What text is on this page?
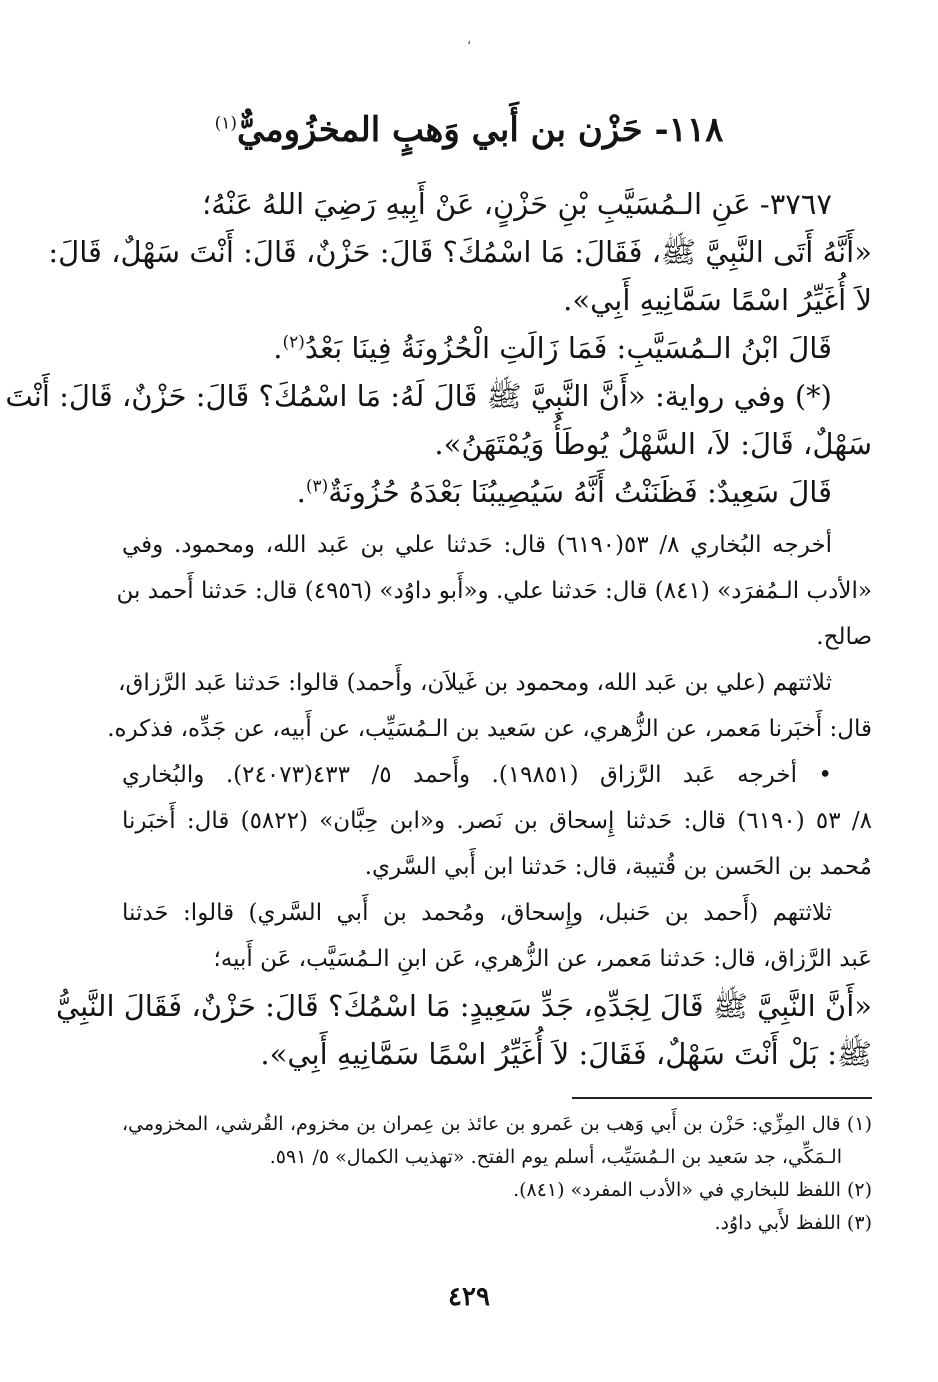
،
١١٨- حَزْن بن أَبي وَهبٍ المخزُوميٌّ$^{(١)}$

٣٧٦٧- عَنِ الـمُسَيَّبِ بْنِ حَزْنٍ، عَنْ أَبِيهِ رَضِيَ اللهُ عَنْهُ؛

«أَنَّهُ أَتَى النَّبِيَّ ﷺ، فَقَالَ: مَا اسْمُكَ؟ قَالَ: حَزْنٌ، قَالَ: أَنْتَ سَهْلٌ، قَالَ:

لاَ أُغَيِّرُ اسْمًا سَمَّانِيهِ أَبِي».

قَالَ ابْنُ الـمُسَيَّبِ: فَمَا زَالَتِ الْحُزُونَةُ فِينَا بَعْدُ$^{(٢)}$.

(*) وفي رواية: «أَنَّ النَّبِيَّ ﷺ قَالَ لَهُ: مَا اسْمُكَ؟ قَالَ: حَزْنٌ، قَالَ: أَنْتَ

سَهْلٌ، قَالَ: لاَ، السَّهْلُ يُوطَأُ وَيُمْتَهَنُ».

قَالَ سَعِيدٌ: فَظَنَنْتُ أَنَّهُ سَيُصِيبُنَا بَعْدَهُ حُزُونَةٌ$^{(٣)}$.

أخرجه البُخاري ٨/ ٥٣(٦١٩٠) قال: حَدثنا علي بن عَبد الله، ومحمود. وفي

«الأدب الـمُفرَد» (٨٤١) قال: حَدثنا علي. و«أَبو داوُد» (٤٩٥٦) قال: حَدثنا أَحمد بن

صالح.

ثلاثتهم (علي بن عَبد الله، ومحمود بن غَيلاَن، وأَحمد) قالوا: حَدثنا عَبد الرَّزاق،

قال: أَخبَرنا مَعمر، عن الزُّهري، عن سَعيد بن الـمُسَيِّب، عن أَبيه، عن جَدِّه، فذكره.

• أخرجه عَبد الرَّزاق (١٩٨٥١). وأَحمد ٥/ ٤٣٣(٢٤٠٧٣). والبُخاري

٨/ ٥٣ (٦١٩٠) قال: حَدثنا إِسحاق بن نَصر. و«ابن حِبَّان» (٥٨٢٢) قال: أَخبَرنا

مُحمد بن الحَسن بن قُتيبة، قال: حَدثنا ابن أَبي السَّري.

ثلاثتهم (أَحمد بن حَنبل، وإِسحاق، ومُحمد بن أَبي السَّري) قالوا: حَدثنا

عَبد الرَّزاق، قال: حَدثنا مَعمر، عن الزُّهري، عَن ابنِ الـمُسَيَّب، عَن أَبيه؛

«أَنَّ النَّبِيَّ ﷺ قَالَ لِجَدِّهِ، جَدِّ سَعِيدٍ: مَا اسْمُكَ؟ قَالَ: حَزْنٌ، فَقَالَ النَّبِيُّ

ﷺ: بَلْ أَنْتَ سَهْلٌ، فَقَالَ: لاَ أُغَيِّرُ اسْمًا سَمَّانِيهِ أَبِي».

(١) قال المِزِّي: حَزْن بن أَبي وَهب بن عَمرو بن عائذ بن عِمران بن مخزوم، القُرشي، المخزومي،

الـمَكِّي، جد سَعيد بن الـمُسَيِّب، أسلم يوم الفتح. «تهذيب الكمال» ٥/ ٥٩١.

(٢) اللفظ للبخاري في «الأدب المفرد» (٨٤١).

(٣) اللفظ لأَبي داوُد.

٤٢٩
